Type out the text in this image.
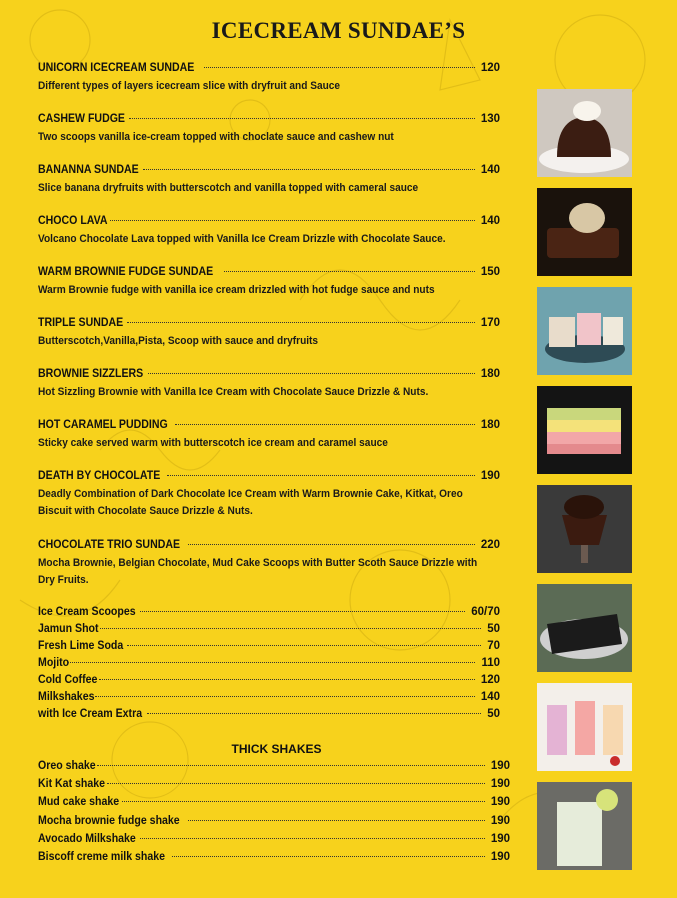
ICECREAM SUNDAE’S
UNICORN ICECREAM SUNDAE	120
Different types of layers icecream slice with dryfruit and Sauce
CASHEW FUDGE	130
Two scoops vanilla ice-cream topped with choclate sauce and cashew nut
BANANNA SUNDAE	140
Slice banana dryfruits with butterscotch and vanilla topped with cameral sauce
CHOCO LAVA	140
Volcano Chocolate Lava topped with Vanilla Ice Cream Drizzle with Chocolate Sauce.
WARM BROWNIE FUDGE SUNDAE	150
Warm Brownie fudge with vanilla ice cream drizzled with hot fudge sauce and nuts
TRIPLE SUNDAE	170
Butterscotch,Vanilla,Pista, Scoop with sauce and dryfruits
BROWNIE SIZZLERS	180
Hot Sizzling Brownie with Vanilla Ice Cream with Chocolate Sauce Drizzle & Nuts.
HOT CARAMEL PUDDING	180
Sticky cake served warm with butterscotch ice cream and caramel sauce
DEATH BY CHOCOLATE	190
Deadly Combination of Dark Chocolate Ice Cream with Warm Brownie Cake, Kitkat, Oreo Biscuit with Chocolate Sauce Drizzle & Nuts.
CHOCOLATE TRIO SUNDAE	220
Mocha Brownie, Belgian Chocolate, Mud Cake Scoops with Butter Scoth Sauce Drizzle with Dry Fruits.
Ice Cream Scoopes	60/70
Jamun Shot	50
Fresh Lime Soda	70
Mojito	110
Cold Coffee	120
Milkshakes	140
with Ice Cream Extra	50
THICK SHAKES
Oreo shake	190
Kit Kat shake	190
Mud cake shake	190
Mocha brownie fudge shake	190
Avocado Milkshake	190
Biscoff creme milk shake	190
